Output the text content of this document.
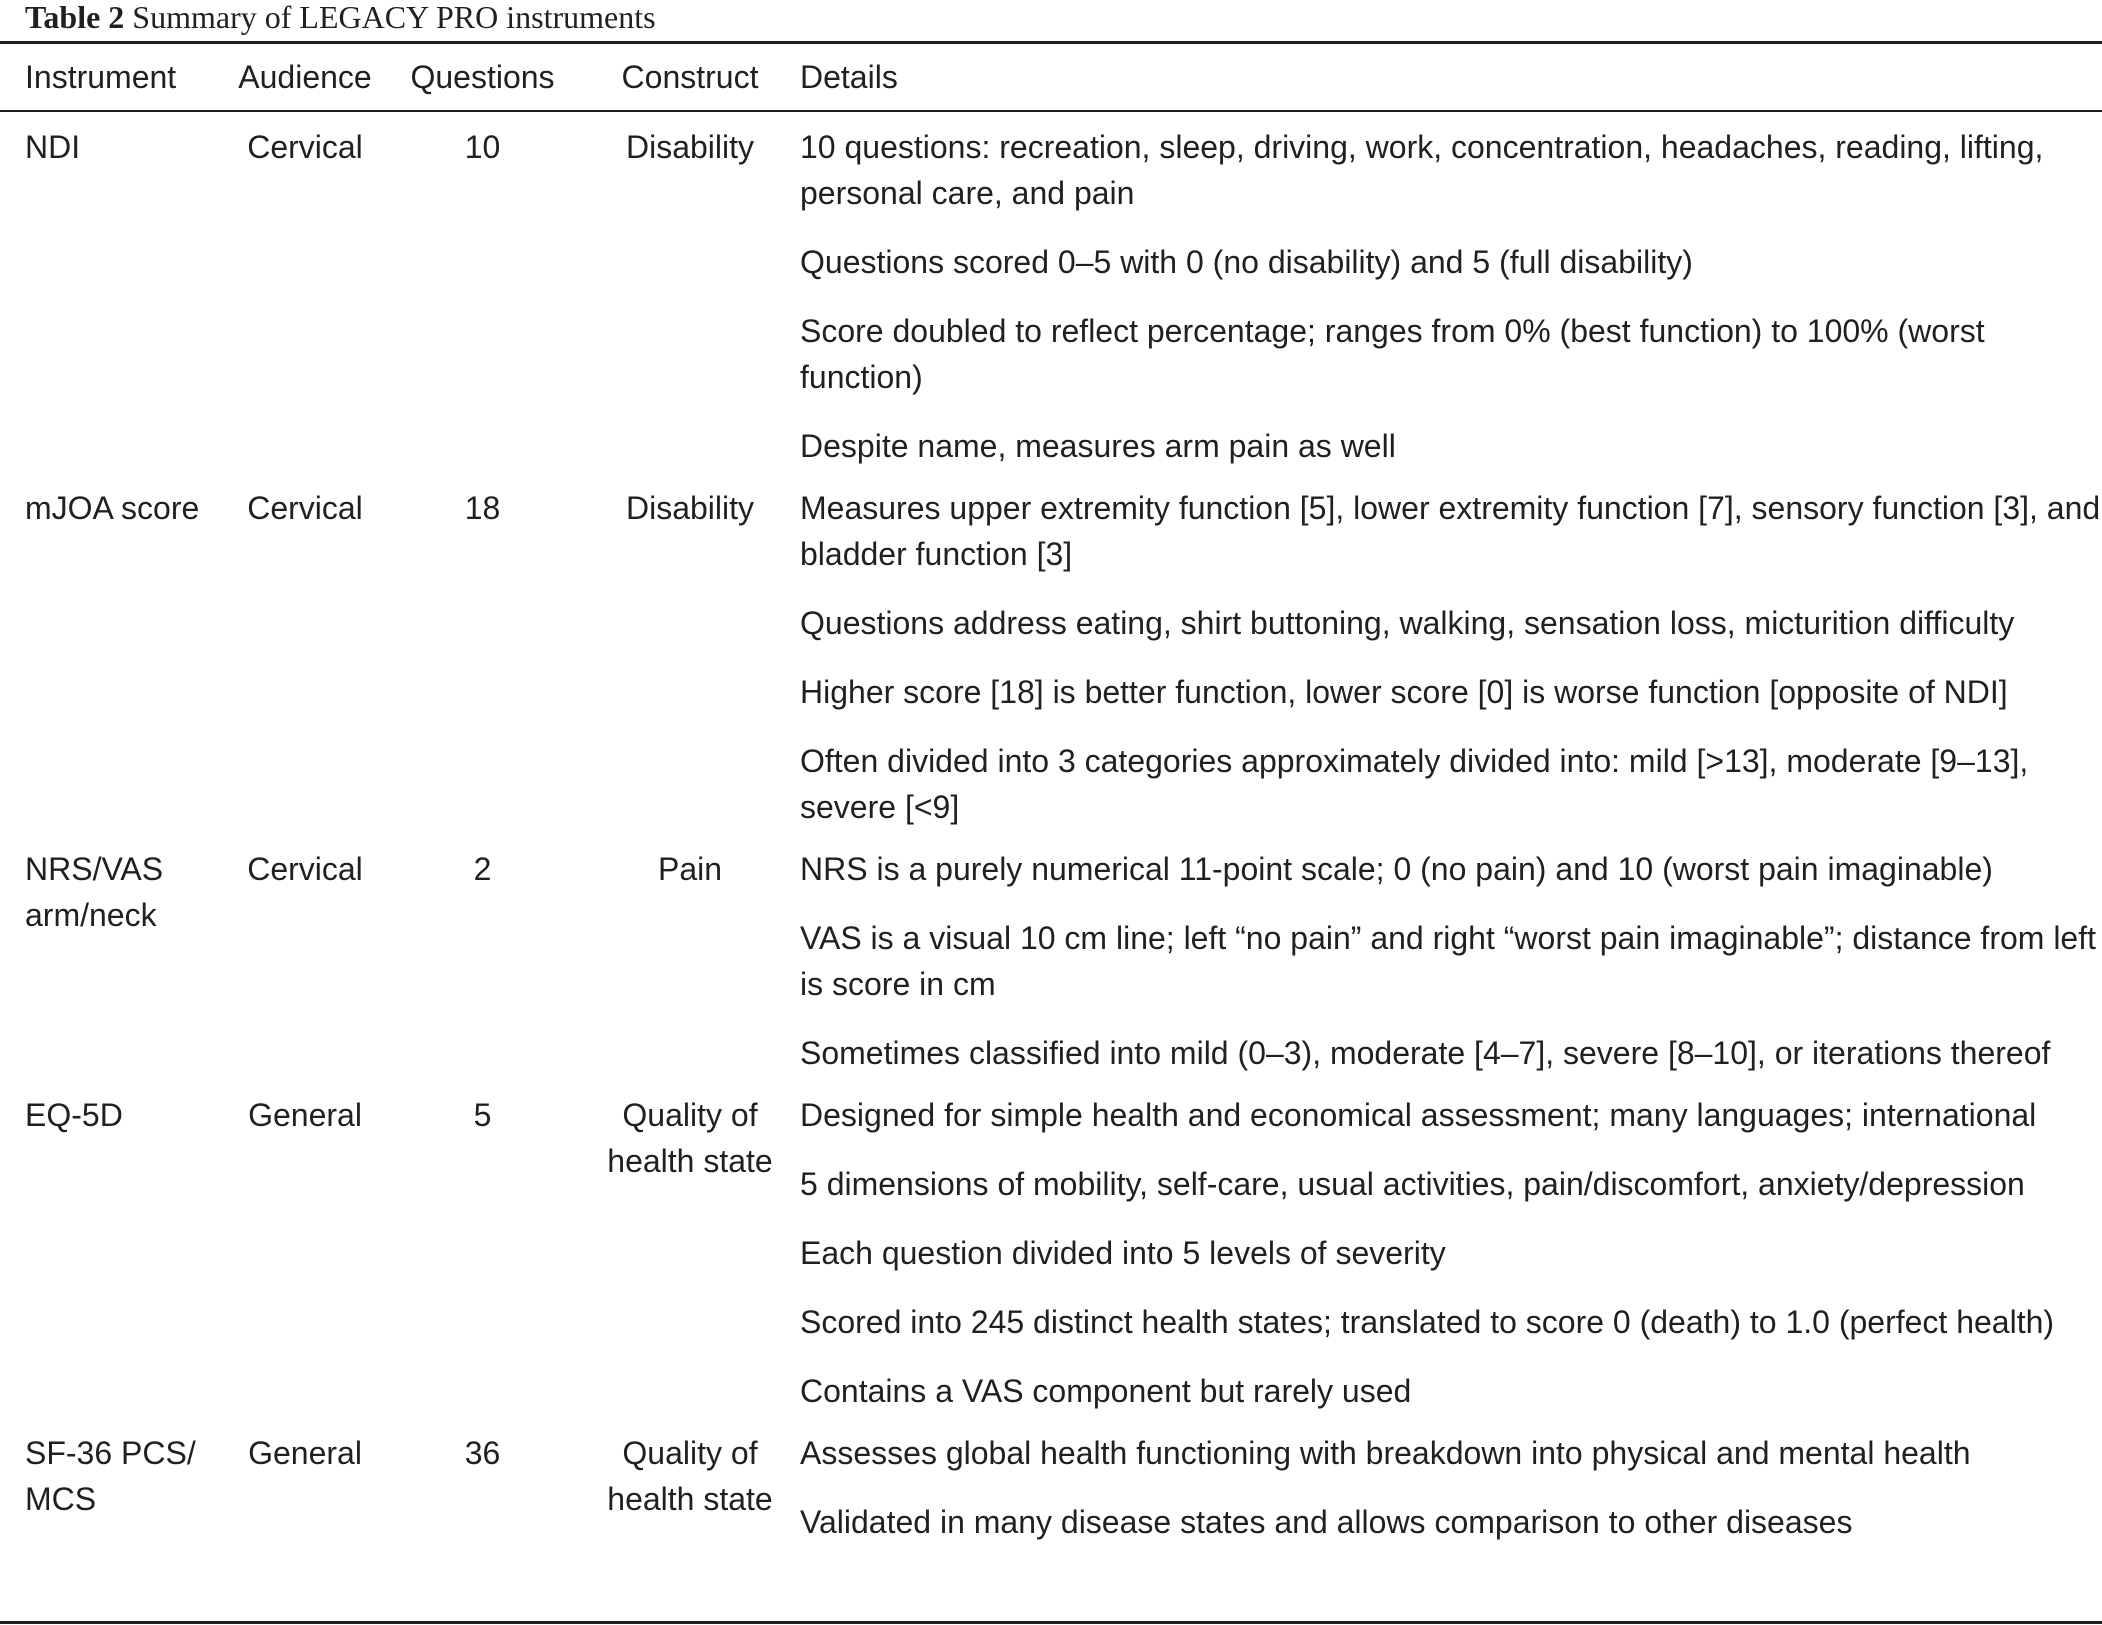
Table 2 Summary of LEGACY PRO instruments
Instrument	Audience	Questions	Construct	Details
NDI	Cervical	10	Disability	10 questions: recreation, sleep, driving, work, concentration, headaches, reading, lifting, personal care, and pain
Questions scored 0–5 with 0 (no disability) and 5 (full disability)
Score doubled to reflect percentage; ranges from 0% (best function) to 100% (worst function)
Despite name, measures arm pain as well

mJOA score	Cervical	18	Disability	Measures upper extremity function [5], lower extremity function [7], sensory function [3], and bladder function [3]
Questions address eating, shirt buttoning, walking, sensation loss, micturition difficulty
Higher score [18] is better function, lower score [0] is worse function [opposite of NDI]
Often divided into 3 categories approximately divided into: mild [>13], moderate [9–13], severe [<9]

NRS/VAS arm/neck	Cervical	2	Pain	NRS is a purely numerical 11-point scale; 0 (no pain) and 10 (worst pain imaginable)
VAS is a visual 10 cm line; left “no pain” and right “worst pain imaginable”; distance from left is score in cm
Sometimes classified into mild (0–3), moderate [4–7], severe [8–10], or iterations thereof

EQ-5D	General	5	Quality of health state	Designed for simple health and economical assessment; many languages; international
5 dimensions of mobility, self-care, usual activities, pain/discomfort, anxiety/depression
Each question divided into 5 levels of severity
Scored into 245 distinct health states; translated to score 0 (death) to 1.0 (perfect health)
Contains a VAS component but rarely used

SF-36 PCS/ MCS	General	36	Quality of health state	Assesses global health functioning with breakdown into physical and mental health
Validated in many disease states and allows comparison to other diseases
